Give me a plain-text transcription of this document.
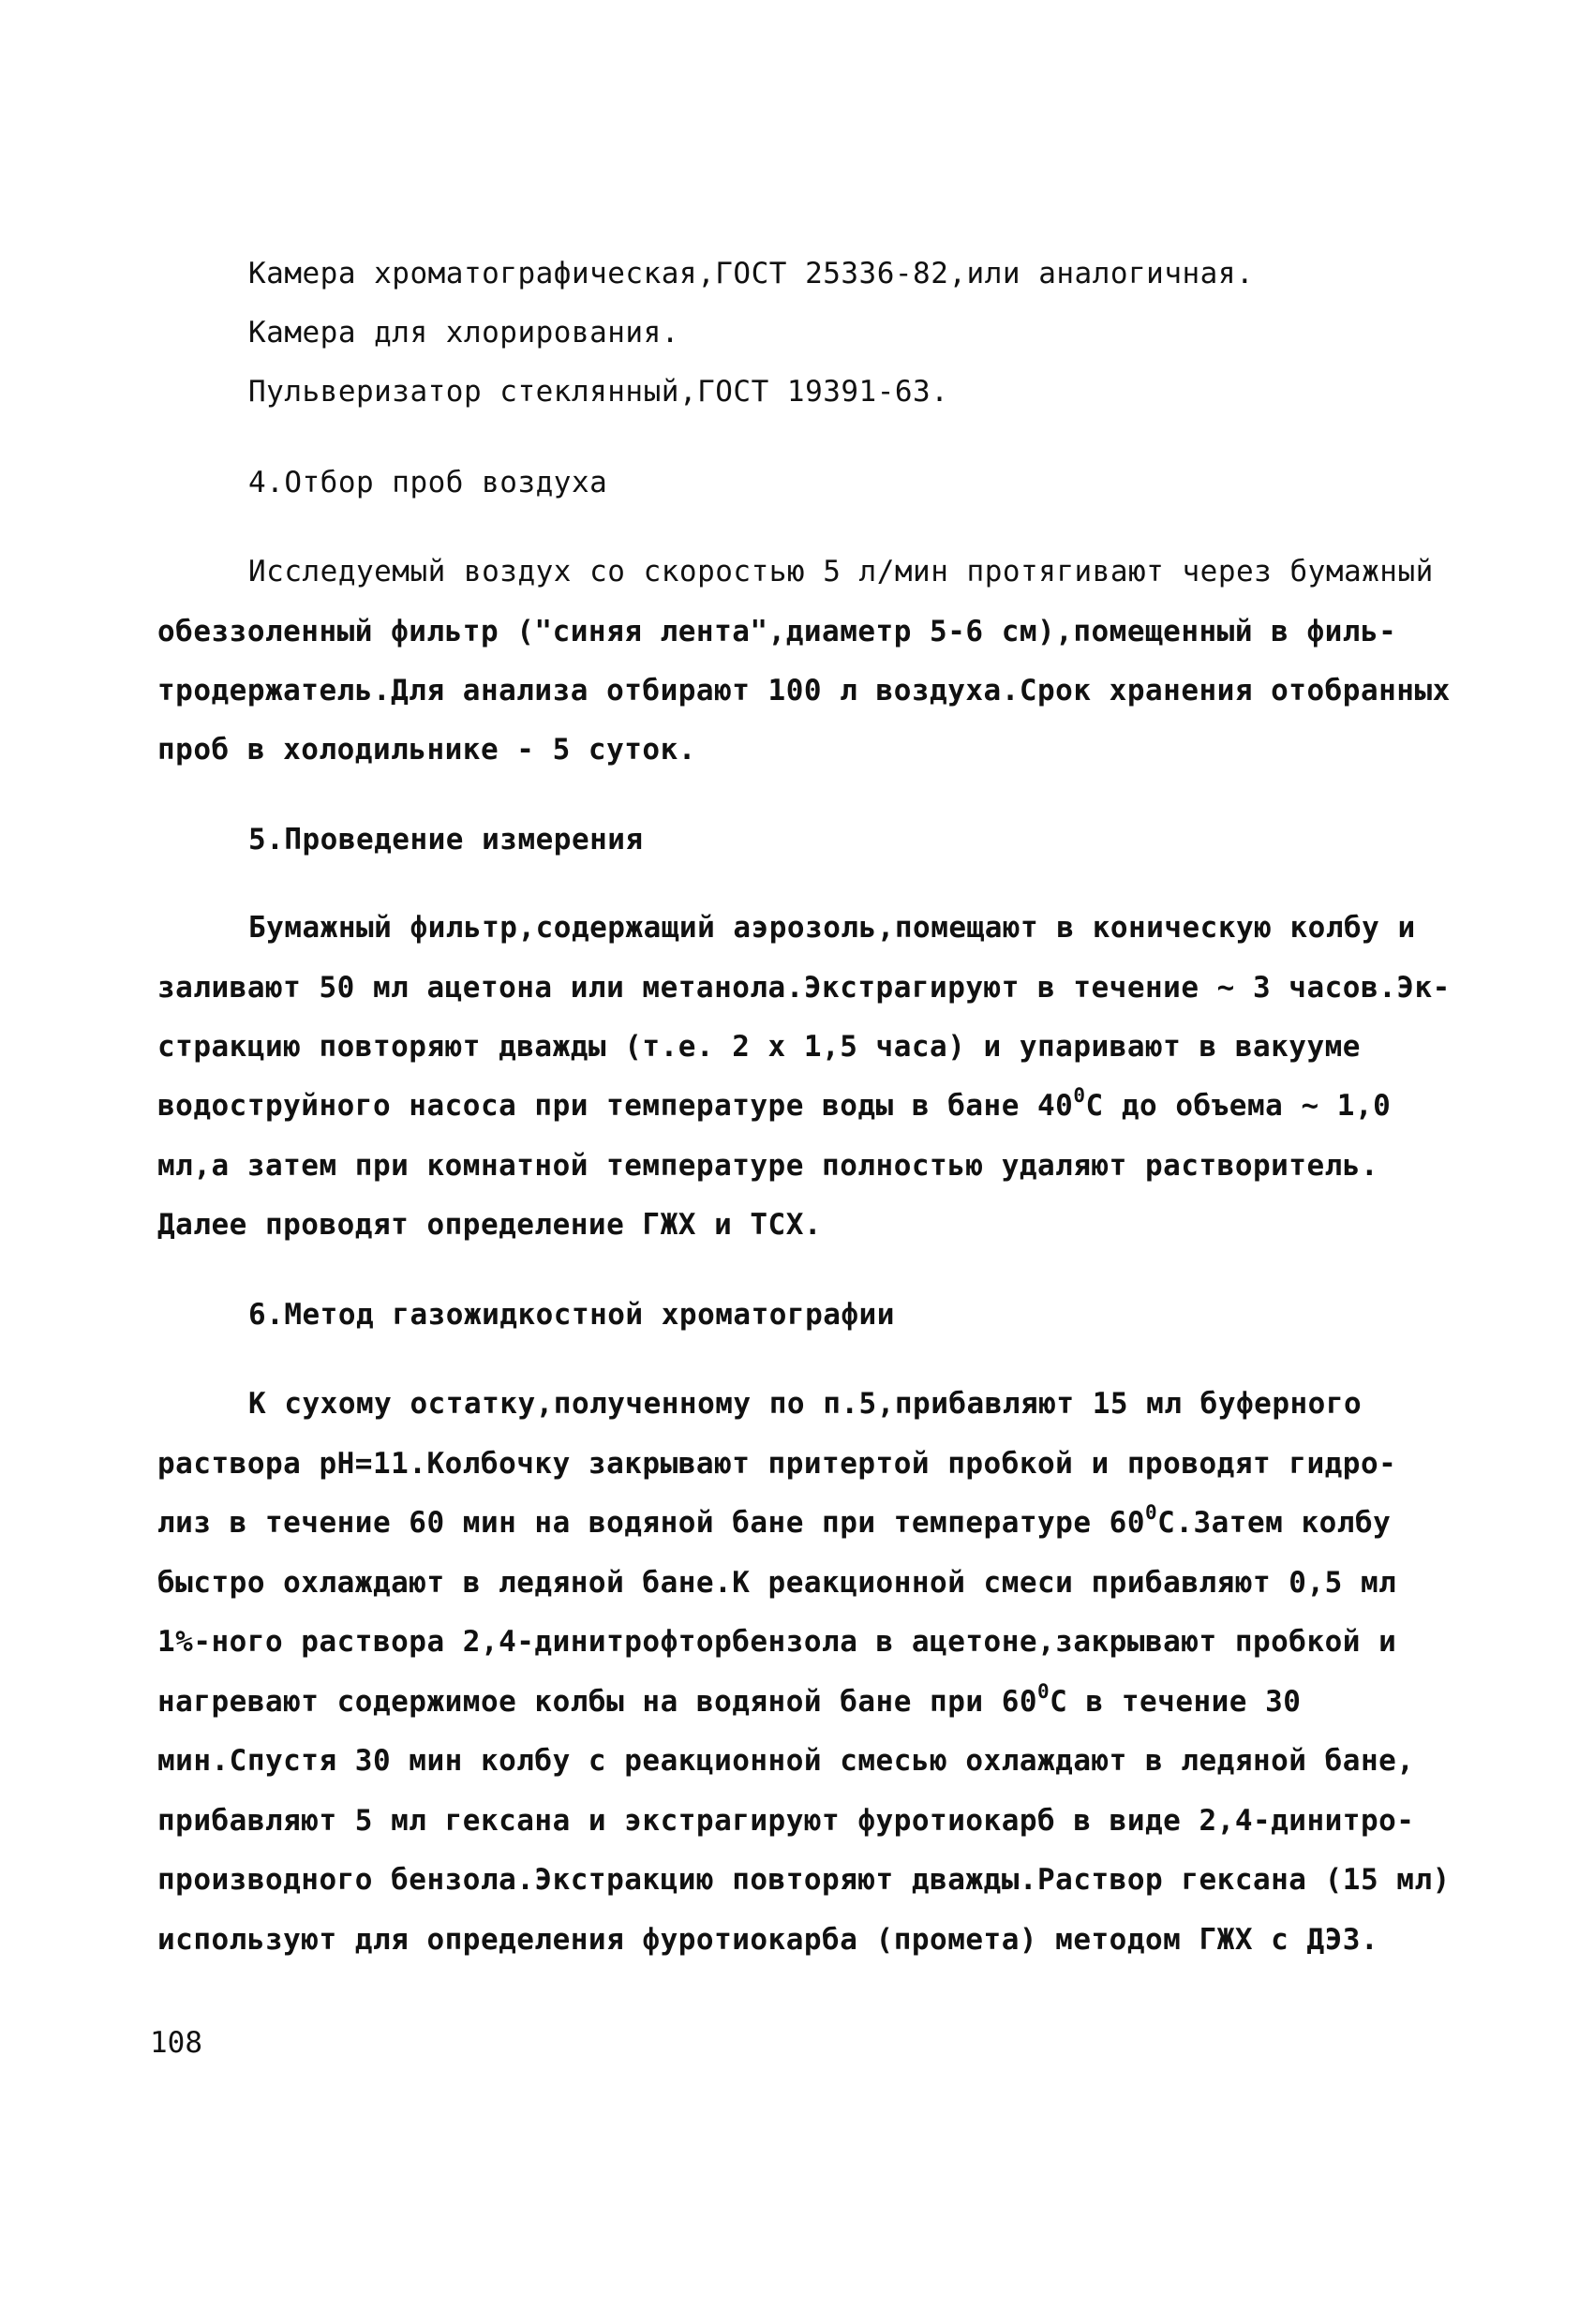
Камера хроматографическая,ГОСТ 25336-82,или аналогичная.
Камера для хлорирования.
Пульверизатор стеклянный,ГОСТ 19391-63.
4.Отбор проб воздуха
Исследуемый воздух со скоростью 5 л/мин протягивают через бумажный
обеззоленный фильтр ("синяя лента",диаметр 5-6 см),помещенный в филь-
тродержатель.Для анализа отбирают 100 л воздуха.Срок хранения отобранных
проб в холодильнике - 5 суток.
5.Проведение измерения
Бумажный фильтр,содержащий аэрозоль,помещают в коническую колбу и
заливают 50 мл ацетона или метанола.Экстрагируют в течение ~ 3 часов.Эк-
стракцию повторяют дважды (т.е. 2 х 1,5 часа) и упаривают в вакууме
водоструйного насоса при температуре воды в бане $40^0С$ до объема ~ 1,0
мл,а затем при комнатной температуре полностью удаляют растворитель.
Далее проводят определение ГЖХ и ТСХ.
6.Метод газожидкостной хроматографии
К сухому остатку,полученному по п.5,прибавляют 15 мл буферного
раствора рН=11.Колбочку закрывают притертой пробкой и проводят гидро-
лиз в течение 60 мин на водяной бане при температуре $60^0С.Затем$ колбу
быстро охлаждают в ледяной бане.К реакционной смеси прибавляют 0,5 мл
1%-ного раствора 2,4-динитрофторбензола в ацетоне,закрывают пробкой и
нагревают содержимое колбы на водяной бане при $60^0С$ в течение 30
мин.Спустя 30 мин колбу с реакционной смесью охлаждают в ледяной бане,
прибавляют 5 мл гексана и экстрагируют фуротиокарб в виде 2,4-динитро-
производного бензола.Экстракцию повторяют дважды.Раствор гексана (15 мл)
используют для определения фуротиокарба (промета) методом ГЖХ с ДЭЗ.
108
